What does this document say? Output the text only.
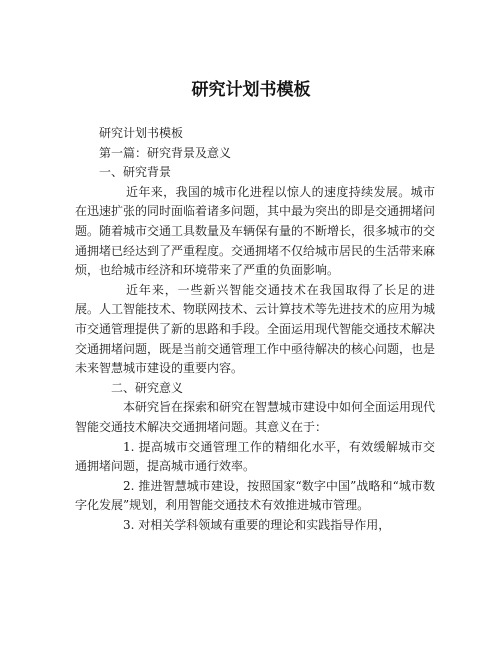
研究计划书模板

研究计划书模板

第一篇：研究背景及意义

一、研究背景

近年来，我国的城市化进程以惊人的速度持续发展。城市在迅速扩张的同时面临着诸多问题，其中最为突出的即是交通拥堵问题。随着城市交通工具数量及车辆保有量的不断增长，很多城市的交通拥堵已经达到了严重程度。交通拥堵不仅给城市居民的生活带来麻烦，也给城市经济和环境带来了严重的负面影响。

近年来，一些新兴智能交通技术在我国取得了长足的进展。人工智能技术、物联网技术、云计算技术等先进技术的应用为城市交通管理提供了新的思路和手段。全面运用现代智能交通技术解决交通拥堵问题，既是当前交通管理工作中亟待解决的核心问题，也是未来智慧城市建设的重要内容。

二、研究意义

本研究旨在探索和研究在智慧城市建设中如何全面运用现代智能交通技术解决交通拥堵问题。其意义在于：

1. 提高城市交通管理工作的精细化水平，有效缓解城市交通拥堵问题，提高城市通行效率。

2. 推进智慧城市建设，按照国家“数字中国”战略和“城市数字化发展”规划，利用智能交通技术有效推进城市管理。

3. 对相关学科领域有重要的理论和实践指导作用，
